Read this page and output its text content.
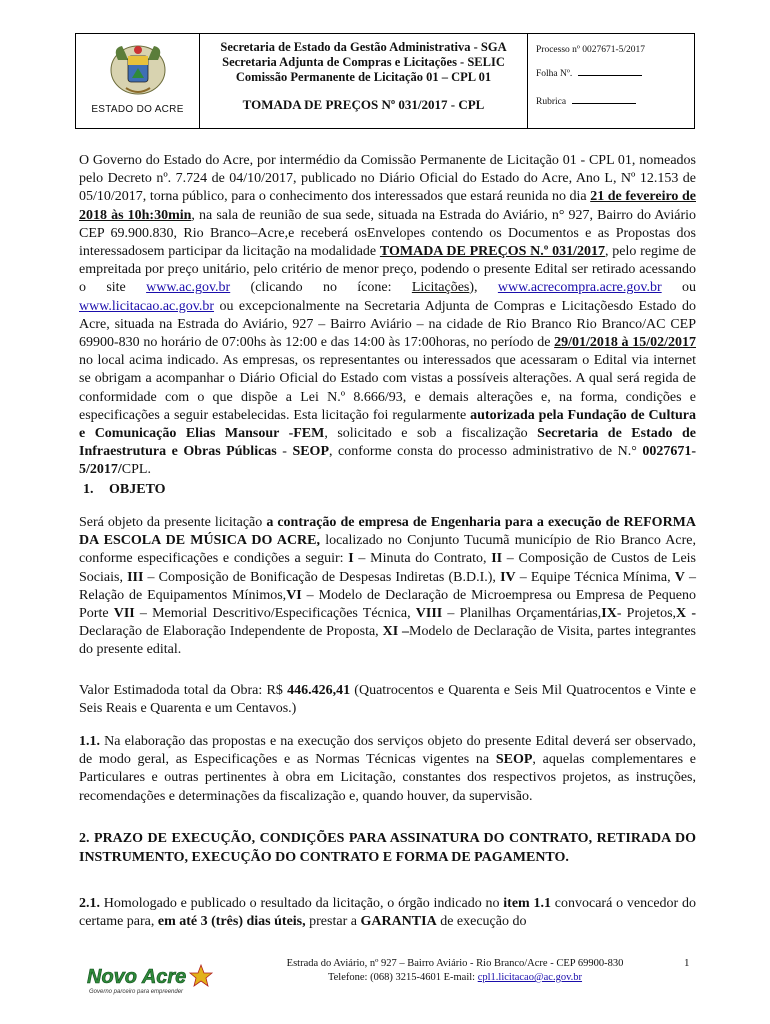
ESTADO DO ACRE
Secretaria de Estado da Gestão Administrativa - SGA
Secretaria Adjunta de Compras e Licitações - SELIC
Comissão Permanente de Licitação 01 – CPL 01
TOMADA DE PREÇOS Nº 031/2017 - CPL
Processo nº 0027671-5/2017
Folha Nº.
Rubrica

O Governo do Estado do Acre, por intermédio da Comissão Permanente de Licitação 01 - CPL 01, nomeados pelo Decreto nº. 7.724 de 04/10/2017, publicado no Diário Oficial do Estado do Acre, Ano L, Nº 12.153 de 05/10/2017, torna público, para o conhecimento dos interessados que estará reunida no dia 21 de fevereiro de 2018 às 10h:30min, na sala de reunião de sua sede, situada na Estrada do Aviário, n° 927, Bairro do Aviário CEP 69.900.830, Rio Branco–Acre,e receberá osEnvelopes contendo os Documentos e as Propostas dos interessadosem participar da licitação na modalidade TOMADA DE PREÇOS N.º 031/2017, pelo regime de empreitada por preço unitário, pelo critério de menor preço, podendo o presente Edital ser retirado acessando o site www.ac.gov.br (clicando no ícone: Licitações), www.acrecompra.acre.gov.br ou www.licitacao.ac.gov.br ou excepcionalmente na Secretaria Adjunta de Compras e Licitaçõesdo Estado do Acre, situada na Estrada do Aviário, 927 – Bairro Aviário – na cidade de Rio Branco Rio Branco/AC CEP 69900-830 no horário de 07:00hs às 12:00 e das 14:00 às 17:00horas, no período de 29/01/2018 à 15/02/2017 no local acima indicado. As empresas, os representantes ou interessados que acessaram o Edital via internet se obrigam a acompanhar o Diário Oficial do Estado com vistas a possíveis alterações. A qual será regida de conformidade com o que dispõe a Lei N.º 8.666/93, e demais alterações e, na forma, condições e especificações a seguir estabelecidas. Esta licitação foi regularmente autorizada pela Fundação de Cultura e Comunicação Elias Mansour -FEM, solicitado e sob a fiscalização Secretaria de Estado de Infraestrutura e Obras Públicas - SEOP, conforme consta do processo administrativo de N.° 0027671-5/2017/CPL.

1. OBJETO

Será objeto da presente licitação a contração de empresa de Engenharia para a execução de REFORMA DA ESCOLA DE MÚSICA DO ACRE, localizado no Conjunto Tucumã município de Rio Branco Acre, conforme especificações e condições a seguir: I – Minuta do Contrato, II – Composição de Custos de Leis Sociais, III – Composição de Bonificação de Despesas Indiretas (B.D.I.), IV – Equipe Técnica Mínima, V – Relação de Equipamentos Mínimos,VI – Modelo de Declaração de Microempresa ou Empresa de Pequeno Porte VII – Memorial Descritivo/Especificações Técnica, VIII – Planilhas Orçamentárias,IX- Projetos,X - Declaração de Elaboração Independente de Proposta, XI –Modelo de Declaração de Visita, partes integrantes do presente edital.

Valor Estimadoda total da Obra: R$ 446.426,41 (Quatrocentos e Quarenta e Seis Mil Quatrocentos e Vinte e Seis Reais e Quarenta e um Centavos.)

1.1. Na elaboração das propostas e na execução dos serviços objeto do presente Edital deverá ser observado, de modo geral, as Especificações e as Normas Técnicas vigentes na SEOP, aquelas complementares e Particulares e outras pertinentes à obra em Licitação, constantes dos respectivos projetos, as instruções, recomendações e determinações da fiscalização e, quando houver, da supervisão.

2. PRAZO DE EXECUÇÃO, CONDIÇÕES PARA ASSINATURA DO CONTRATO, RETIRADA DO INSTRUMENTO, EXECUÇÃO DO CONTRATO E FORMA DE PAGAMENTO.

2.1. Homologado e publicado o resultado da licitação, o órgão indicado no item 1.1 convocará o vencedor do certame para, em até 3 (três) dias úteis, prestar a GARANTIA de execução do

Novo Acre
Governo parceiro para empreender
Estrada do Aviário, nº 927 – Bairro Aviário - Rio Branco/Acre - CEP 69900-830
Telefone: (068) 3215-4601 E-mail: cpl1.licitacao@ac.gov.br
1
